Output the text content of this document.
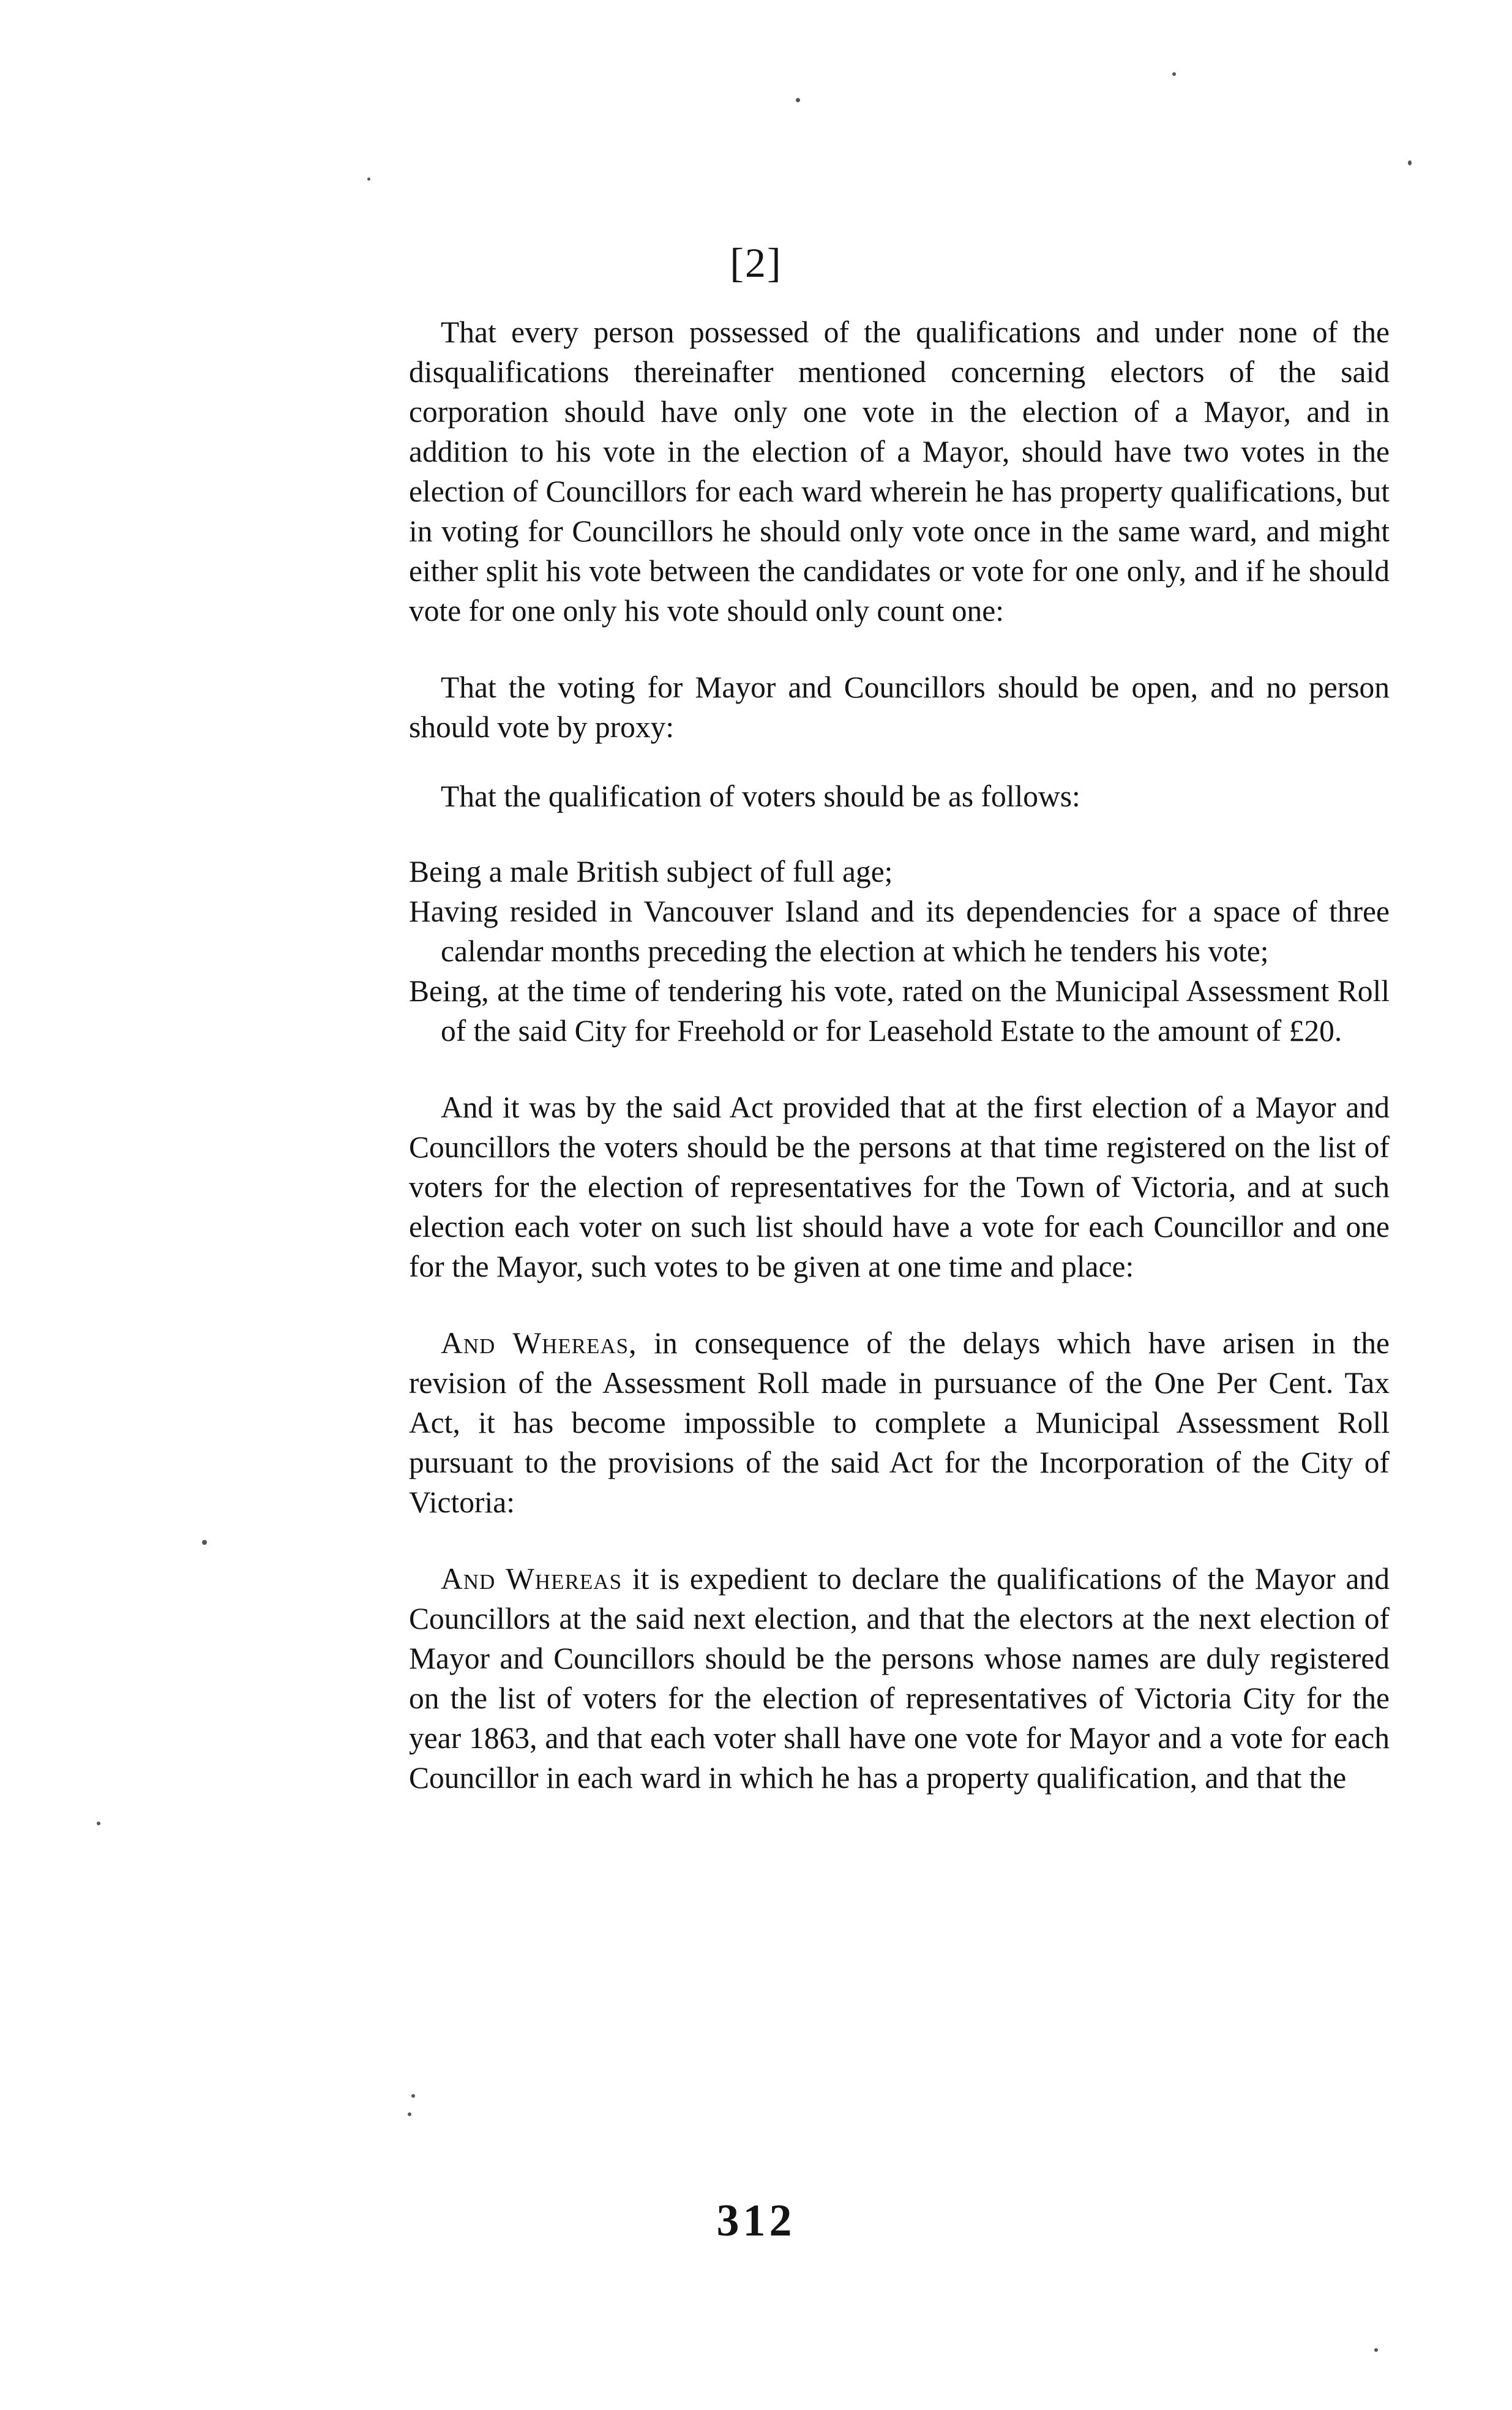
[2]

That every person possessed of the qualifications and under none of the disqualifications thereinafter mentioned concerning electors of the said corporation should have only one vote in the election of a Mayor, and in addition to his vote in the election of a Mayor, should have two votes in the election of Councillors for each ward wherein he has property qualifications, but in voting for Councillors he should only vote once in the same ward, and might either split his vote between the candidates or vote for one only, and if he should vote for one only his vote should only count one:

That the voting for Mayor and Councillors should be open, and no person should vote by proxy:

That the qualification of voters should be as follows:

Being a male British subject of full age;

Having resided in Vancouver Island and its dependencies for a space of three calendar months preceding the election at which he tenders his vote;

Being, at the time of tendering his vote, rated on the Municipal Assessment Roll of the said City for Freehold or for Leasehold Estate to the amount of £20.

And it was by the said Act provided that at the first election of a Mayor and Councillors the voters should be the persons at that time registered on the list of voters for the election of representatives for the Town of Victoria, and at such election each voter on such list should have a vote for each Councillor and one for the Mayor, such votes to be given at one time and place:

And Whereas, in consequence of the delays which have arisen in the revision of the Assessment Roll made in pursuance of the One Per Cent. Tax Act, it has become impossible to complete a Municipal Assessment Roll pursuant to the provisions of the said Act for the Incorporation of the City of Victoria:

And Whereas it is expedient to declare the qualifications of the Mayor and Councillors at the said next election, and that the electors at the next election of Mayor and Councillors should be the persons whose names are duly registered on the list of voters for the election of representatives of Victoria City for the year 1863, and that each voter shall have one vote for Mayor and a vote for each Councillor in each ward in which he has a property qualification, and that the

312
